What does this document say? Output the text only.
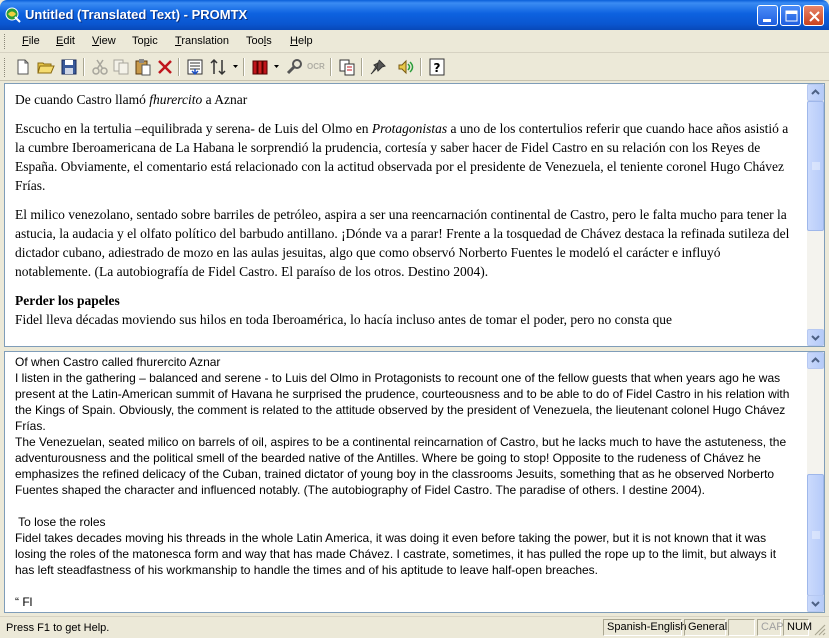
Untitled (Translated Text) - PROMTX
File Edit View Topic Translation Tools Help
OCR	?

De cuando Castro llamó fhurercito a Aznar

Escucho en la tertulia –equilibrada y serena- de Luis del Olmo en Protagonistas a uno de los contertulios referir que cuando hace años asistió a la cumbre Iberoamericana de La Habana le sorprendió la prudencia, cortesía y saber hacer de Fidel Castro en su relación con los Reyes de España. Obviamente, el comentario está relacionado con la actitud observada por el presidente de Venezuela, el teniente coronel Hugo Chávez Frías.

El milico venezolano, sentado sobre barriles de petróleo, aspira a ser una reencarnación continental de Castro, pero le falta mucho para tener la astucia, la audacia y el olfato político del barbudo antillano. ¡Dónde va a parar! Frente a la tosquedad de Chávez destaca la refinada sutileza del dictador cubano, adiestrado de mozo en las aulas jesuitas, algo que como observó Norberto Fuentes le modeló el carácter e influyó notablemente. (La autobiografía de Fidel Castro. El paraíso de los otros. Destino 2004).

Perder los papeles

Fidel lleva décadas moviendo sus hilos en toda Iberoamérica, lo hacía incluso antes de tomar el poder, pero no consta que

Of when Castro called fhurercito Aznar

I listen in the gathering – balanced and serene - to Luis del Olmo in Protagonists to recount one of the fellow guests that when years ago he was present at the Latin-American summit of Havana he surprised the prudence, courteousness and to be able to do of Fidel Castro in his relation with the Kings of Spain. Obviously, the comment is related to the attitude observed by the president of Venezuela, the lieutenant colonel Hugo Chávez Frías.

The Venezuelan, seated milico on barrels of oil, aspires to be a continental reincarnation of Castro, but he lacks much to have the astuteness, the adventurousness and the political smell of the bearded native of the Antilles. Where be going to stop! Opposite to the rudeness of Chávez he emphasizes the refined delicacy of the Cuban, trained dictator of young boy in the classrooms Jesuits, something that as he observed Norberto Fuentes shaped the character and influenced notably. (The autobiography of Fidel Castro. The paradise of others. I destine 2004).

To lose the roles

Fidel takes decades moving his threads in the whole Latin America, it was doing it even before taking the power, but it is not known that it was losing the roles of the matonesca form and way that has made Chávez. I castrate, sometimes, it has pulled the rope up to the limit, but always it has left steadfastness of his workmanship to handle the times and of his aptitude to leave half-open breaches.

“ Fl

Press F1 to get Help.	Spanish-English General	CAP NUM
